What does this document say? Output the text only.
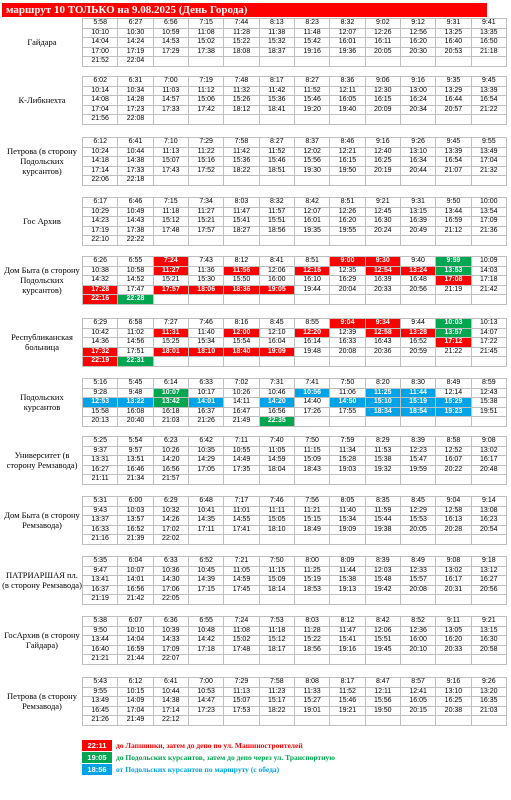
маршрут 10 ТОЛЬКО на 9.08.2025 (День Города)
Гайдара
5:58	6:27	6:56	7:15	7:44	8:13	8:23	8:32	9:02	9:12	9:31	9:41
10:10	10:30	10:59	11:08	11:28	11:38	11:48	12:07	12:26	12:56	13:25	13:35
14:04	14:24	14:53	15:02	15:22	15:32	15:42	16:01	16:11	16:20	16:40	16:50
17:00	17:19	17:29	17:38	18:08	18:37	19:16	19:36	20:05	20:30	20:53	21:18
21:52	22:04										
К-Либкнехта
6:02	6:31	7:00	7:19	7:48	8:17	8:27	8:36	9:06	9:16	9:35	9:45
10:14	10:34	11:03	11:12	11:32	11:42	11:52	12:11	12:30	13:00	13:29	13:39
14:08	14:28	14:57	15:06	15:26	15:36	15:46	16:05	16:15	16:24	16:44	16:54
17:04	17:23	17:33	17:42	18:12	18:41	19:20	19:40	20:09	20:34	20:57	21:22
21:56	22:08										
Петрова (в сторону Подольских курсантов)
6:12	6:41	7:10	7:29	7:58	8:27	8:37	8:46	9:16	9:26	9:45	9:55
10:24	10:44	11:13	11:22	11:42	11:52	12:02	12:21	12:40	13:10	13:39	13:49
14:18	14:38	15:07	15:16	15:36	15:46	15:56	16:15	16:25	16:34	16:54	17:04
17:14	17:33	17:43	17:52	18:22	18:51	19:30	19:50	20:19	20:44	21:07	21:32
22:06	22:18										
Гос Архив
6:17	6:46	7:15	7:34	8:03	8:32	8:42	8:51	9:21	9:31	9:50	10:00
10:29	10:49	11:18	11:27	11:47	11:57	12:07	12:26	12:45	13:15	13:44	13:54
14:23	14:43	15:12	15:21	15:41	15:51	16:01	16:20	16:30	16:39	16:59	17:09
17:19	17:38	17:48	17:57	18:27	18:56	19:35	19:55	20:24	20:49	21:12	21:36
22:10	22:22										
Дом Быта (в сторону Подольских курсантов)
6:26	6:55	7:24	7:43	8:12	8:41	8:51	9:00	9:30	9:40	9:59	10:09
10:38	10:58	11:27	11:36	11:56	12:06	12:16	12:35	12:54	13:24	13:53	14:03
14:32	14:52	15:21	15:30	15:50	16:00	16:10	16:29	16:39	16:48	17:08	17:18
17:28	17:47	17:57	18:06	18:36	19:05	19:44	20:04	20:33	20:56	21:19	21:42
22:16	22:28										
Республиканская больница
6:29	6:58	7:27	7:46	8:16	8:45	8:55	9:04	9:34	9:44	10:03	10:13
10:42	11:02	11:31	11:40	12:00	12:10	12:20	12:39	12:58	13:28	13:57	14:07
14:36	14:56	15:25	15:34	15:54	16:04	16:14	16:33	16:43	16:52	17:12	17:22
17:32	17:51	18:01	18:10	18:40	19:09	19:48	20:08	20:36	20:59	21:22	21:45
22:19	22:31										
Подольских курсантов
5:16	5:45	6:14	6:33	7:02	7:31	7:41	7:50	8:20	8:30	8:49	8:59
9:28	9:48	10:07	10:17	10:26	10:46	10:56	11:06	11:25	11:44	12:14	12:43
12:53	13:22	13:42	14:01	14:11	14:20	14:40	14:50	15:10	15:19	15:29	15:38
15:58	16:08	16:18	16:37	16:47	16:56	17:26	17:55	18:34	18:54	19:23	19:51
20:13	20:40	21:03	21:26	21:49	22:35						
Университет (в сторону Ремзавода)
5:25	5:54	6:23	6:42	7:11	7:40	7:50	7:59	8:29	8:39	8:58	9:08
9:37	9:57	10:26	10:35	10:55	11:05	11:15	11:34	11:53	12:23	12:52	13:02
13:31	13:51	14:20	14:29	14:49	14:59	15:09	15:28	15:38	15:47	16:07	16:17
16:27	16:46	16:56	17:05	17:35	18:04	18:43	19:03	19:32	19:59	20:22	20:48
21:11	21:34	21:57									
Дом Быта (в сторону Ремзавода)
5:31	6:00	6:29	6:48	7:17	7:46	7:56	8:05	8:35	8:45	9:04	9:14
9:43	10:03	10:32	10:41	11:01	11:11	11:21	11:40	11:59	12:29	12:58	13:08
13:37	13:57	14:26	14:35	14:55	15:05	15:15	15:34	15:44	15:53	16:13	16:23
16:33	16:52	17:02	17:11	17:41	18:10	18:49	19:09	19:38	20:05	20:28	20:54
21:16	21:39	22:02									
ПАТРИАРШАЯ пл. (в сторону Ремзавода)
5:35	6:04	6:33	6:52	7:21	7:50	8:00	8:09	8:39	8:49	9:08	9:18
9:47	10:07	10:36	10:45	11:05	11:15	11:25	11:44	12:03	12:33	13:02	13:12
13:41	14:01	14:30	14:39	14:59	15:09	15:19	15:38	15:48	15:57	16:17	16:27
16:37	16:56	17:06	17:15	17:45	18:14	18:53	19:13	19:42	20:08	20:31	20:56
21:19	21:42	22:05									
ГосАрхив (в сторону Гайдара)
5:38	6:07	6:36	6:55	7:24	7:53	8:03	8:12	8:42	8:52	9:11	9:21
9:50	10:10	10:39	10:48	11:08	11:18	11:28	11:47	12:06	12:36	13:05	13:15
13:44	14:04	14:33	14:42	15:02	15:12	15:22	15:41	15:51	16:00	16:20	16:30
16:40	16:59	17:09	17:18	17:48	18:17	18:56	19:16	19:45	20:10	20:33	20:58
21:21	21:44	22:07									
Петрова (в сторону Ремзавода)
5:43	6:12	6:41	7:00	7:29	7:58	8:08	8:17	8:47	8:57	9:16	9:26
9:55	10:15	10:44	10:53	11:13	11:23	11:33	11:52	12:11	12:41	13:10	13:20
13:49	14:09	14:38	14:47	15:07	15:17	15:27	15:46	15:56	16:05	16:25	16:35
16:45	17:04	17:14	17:23	17:53	18:22	19:01	19:21	19:50	20:15	20:38	21:03
21:26	21:49	22:12									
22:11	до Лапшинки, затем до депо по ул. Машиностроителей
19:05	до Подольских курсантов, затем до депо через ул. Транспортную
18:56	от Подольских курсантов по маршруту (с обеда)
